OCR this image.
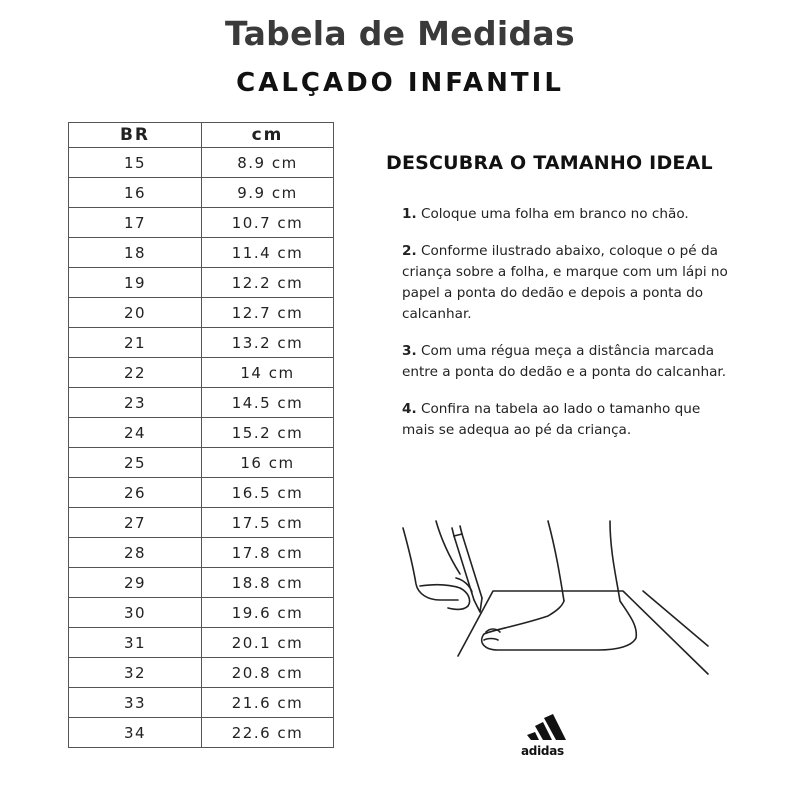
Tabela de Medidas
CALÇADO INFANTIL
BR	cm
15	8.9 cm
16	9.9 cm
17	10.7 cm
18	11.4 cm
19	12.2 cm
20	12.7 cm
21	13.2 cm
22	14 cm
23	14.5 cm
24	15.2 cm
25	16 cm
26	16.5 cm
27	17.5 cm
28	17.8 cm
29	18.8 cm
30	19.6 cm
31	20.1 cm
32	20.8 cm
33	21.6 cm
34	22.6 cm
DESCUBRA O TAMANHO IDEAL
1. Coloque uma folha em branco no chão.
2. Conforme ilustrado abaixo, coloque o pé da criança sobre a folha, e marque com um lápi no papel a ponta do dedão e depois a ponta do calcanhar.
3. Com uma régua meça a distância marcada entre a ponta do dedão e a ponta do calcanhar.
4. Confira na tabela ao lado o tamanho que mais se adequa ao pé da criança.
adidas
